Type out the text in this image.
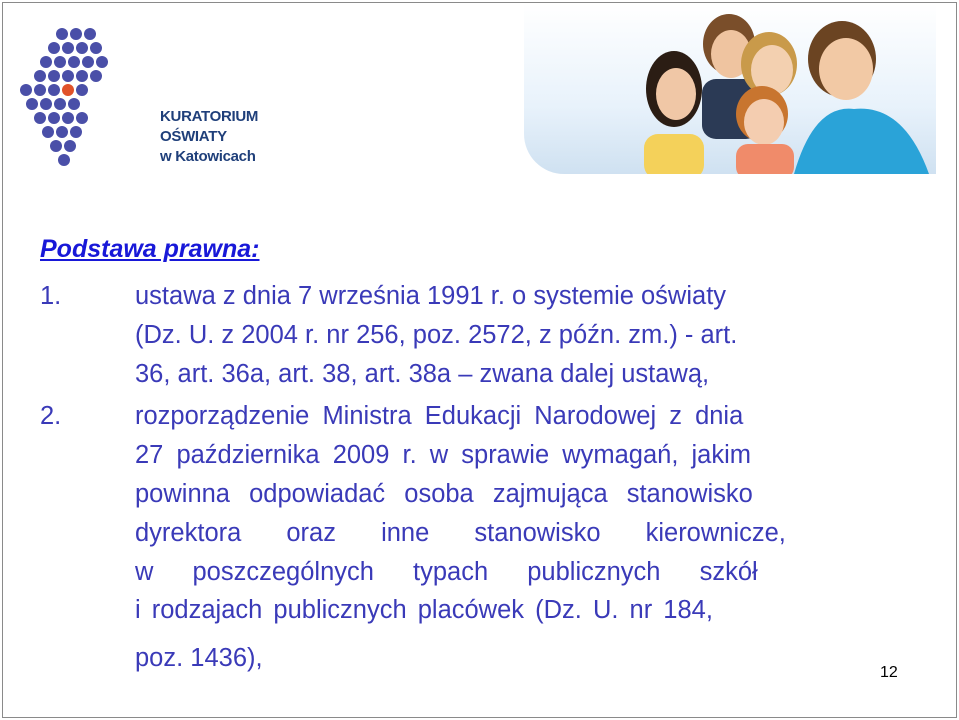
KURATORIUM
OŚWIATY
w Katowicach
Podstawa prawna:
1.	ustawa z dnia 7 września 1991 r. o systemie oświaty
(Dz. U. z 2004 r. nr 256, poz. 2572, z późn. zm.) - art.
36, art. 36a, art. 38, art. 38a – zwana dalej ustawą,
2.	rozporządzenie Ministra Edukacji Narodowej z dnia
27 października 2009 r. w sprawie wymagań, jakim
powinna odpowiadać osoba zajmująca stanowisko
dyrektora oraz inne stanowisko kierownicze,
w poszczególnych typach publicznych szkół
i rodzajach publicznych placówek (Dz. U. nr 184,
poz. 1436),
12
